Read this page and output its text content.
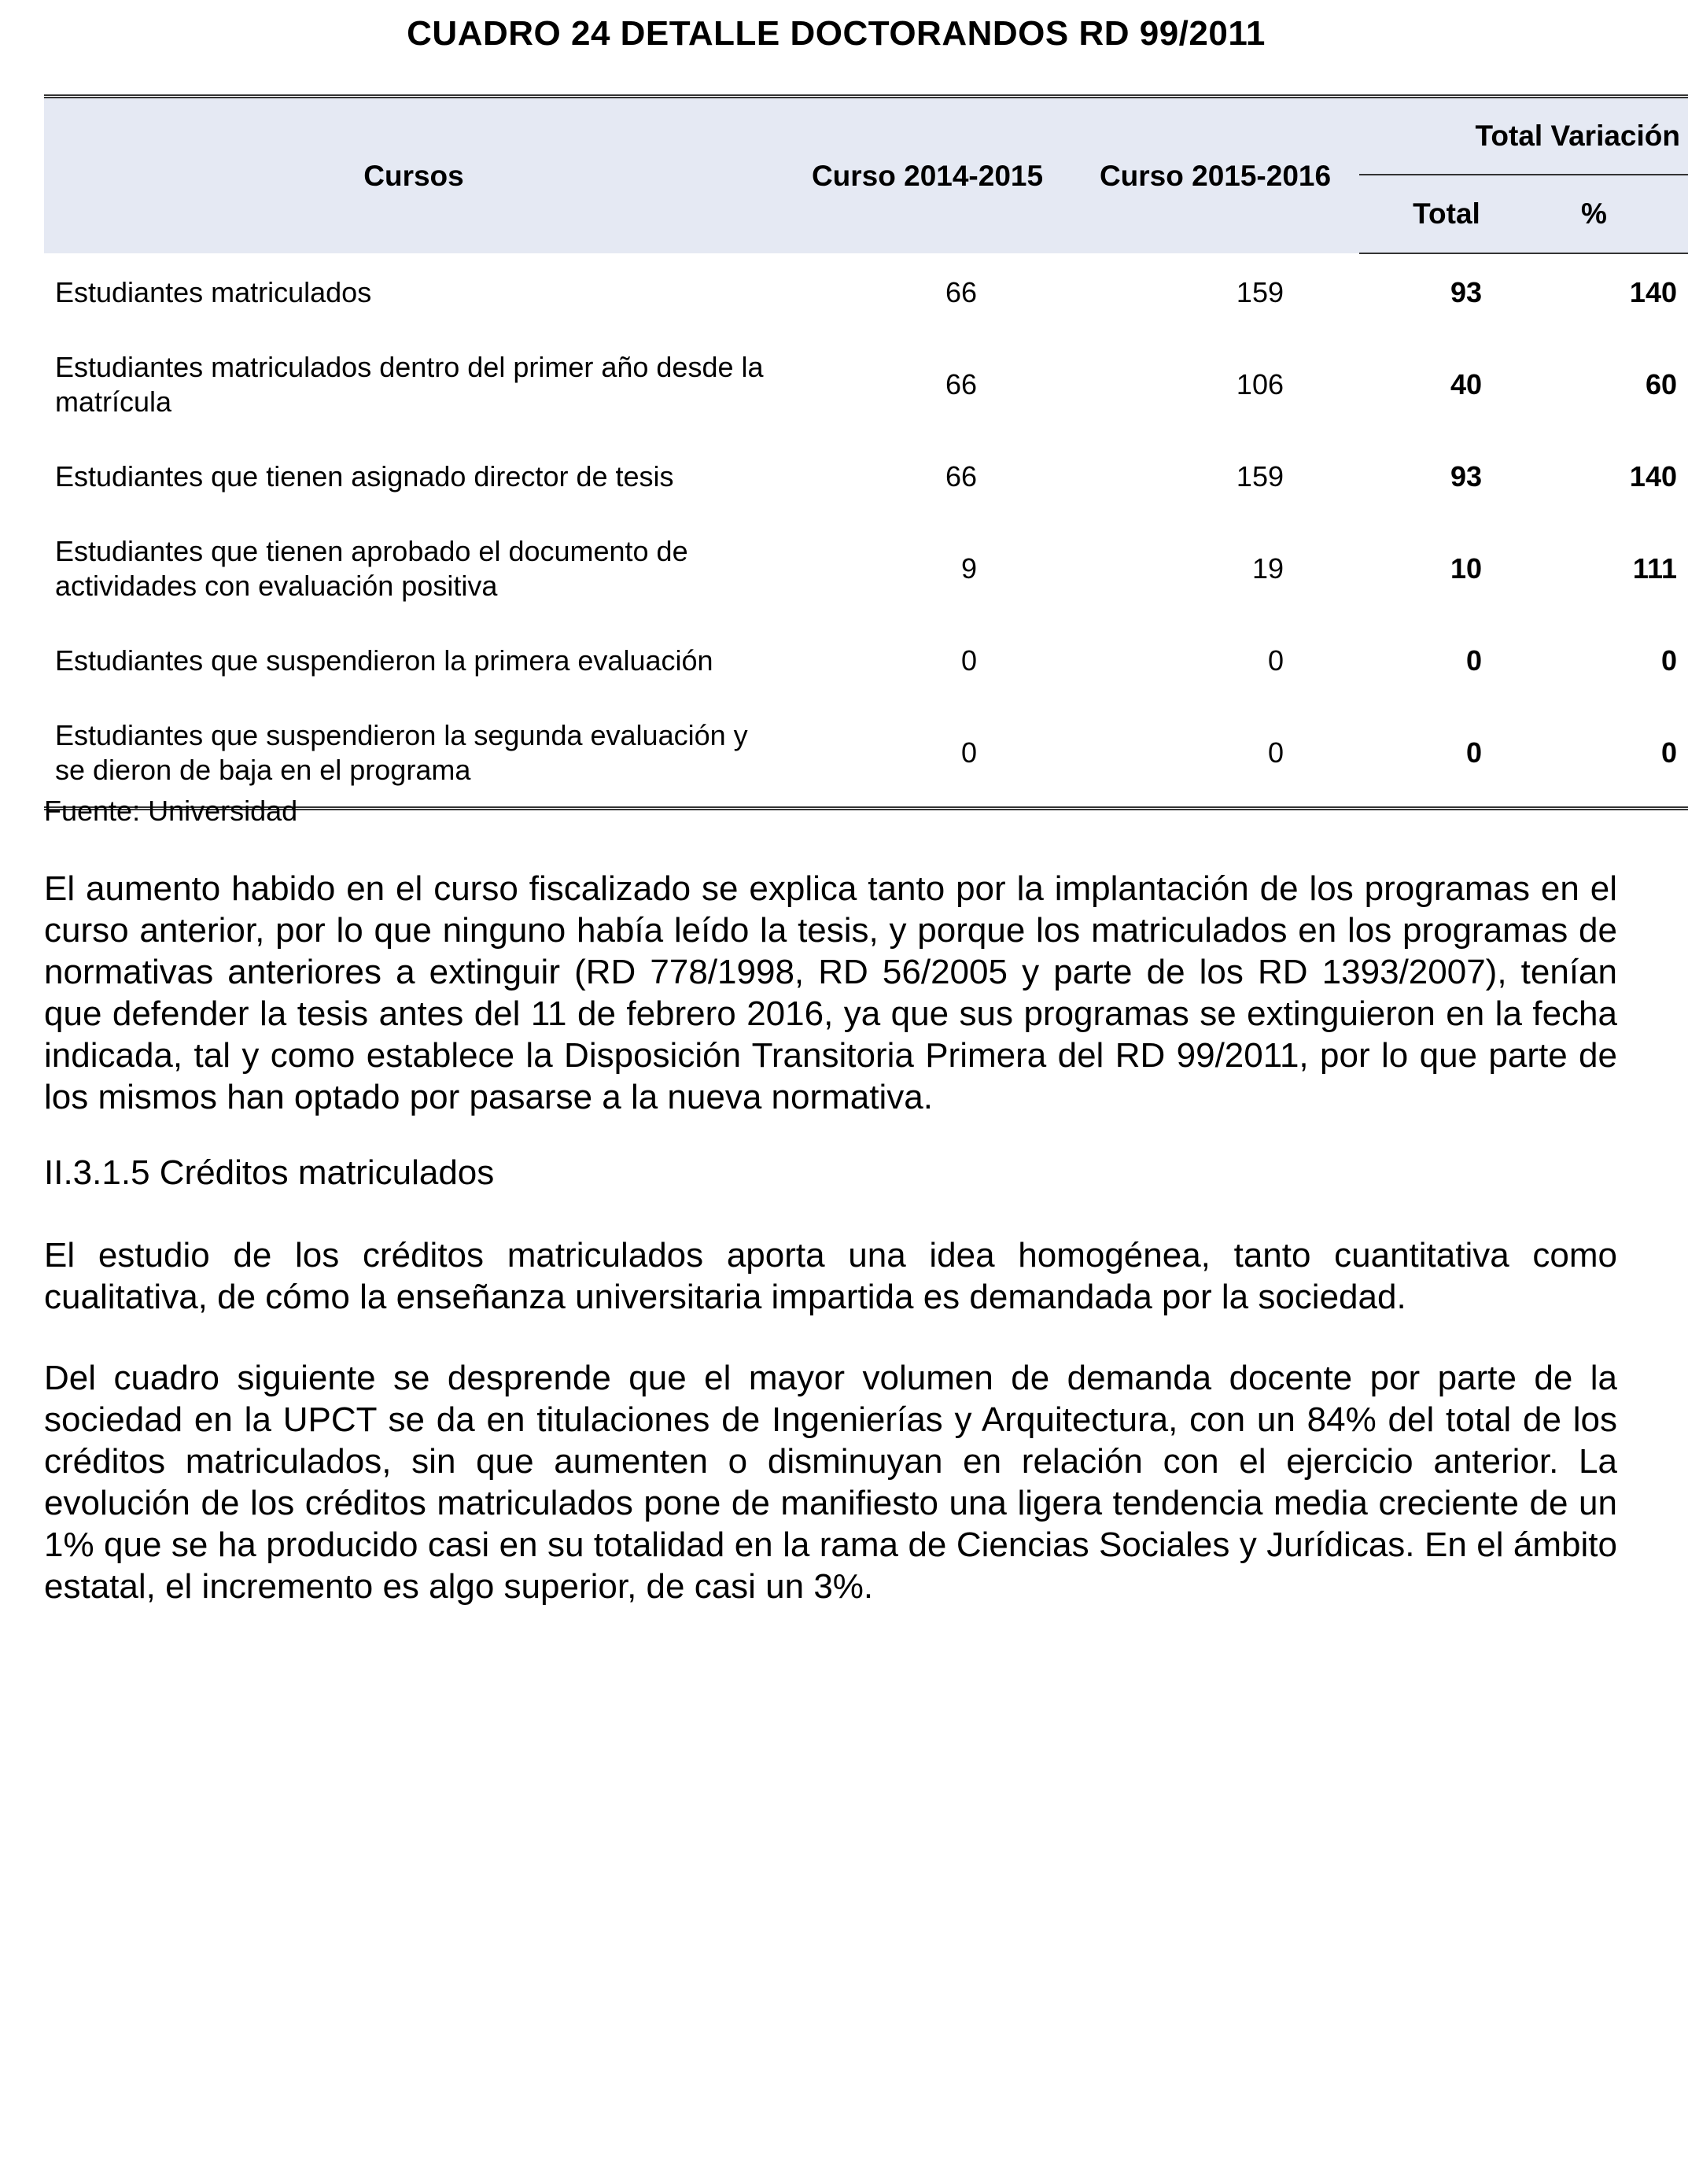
CUADRO 24 DETALLE DOCTORANDOS RD 99/2011

Cursos	Curso 2014-2015	Curso 2015-2016	Total Variación	
			Total	%
Estudiantes matriculados	66	159	93	140
Estudiantes matriculados dentro del primer año desde la matrícula	66	106	40	60
Estudiantes que tienen asignado director de tesis	66	159	93	140
Estudiantes que tienen aprobado el documento de actividades con evaluación positiva	9	19	10	111
Estudiantes que suspendieron la primera evaluación	0	0	0	0
Estudiantes que suspendieron la segunda evaluación y se dieron de baja en el programa	0	0	0	0
Fuente: Universidad

El aumento habido en el curso fiscalizado se explica tanto por la implantación de los programas en el curso anterior, por lo que ninguno había leído la tesis, y porque los matriculados en los programas de normativas anteriores a extinguir (RD 778/1998, RD 56/2005 y parte de los RD 1393/2007), tenían que defender la tesis antes del 11 de febrero 2016, ya que sus programas se extinguieron en la fecha indicada, tal y como establece la Disposición Transitoria Primera del RD 99/2011, por lo que parte de los mismos han optado por pasarse a la nueva normativa.

II.3.1.5 Créditos matriculados

El estudio de los créditos matriculados aporta una idea homogénea, tanto cuantitativa como cualitativa, de cómo la enseñanza universitaria impartida es demandada por la sociedad.

Del cuadro siguiente se desprende que el mayor volumen de demanda docente por parte de la sociedad en la UPCT se da en titulaciones de Ingenierías y Arquitectura, con un 84% del total de los créditos matriculados, sin que aumenten o disminuyan en relación con el ejercicio anterior. La evolución de los créditos matriculados pone de manifiesto una ligera tendencia media creciente de un 1% que se ha producido casi en su totalidad en la rama de Ciencias Sociales y Jurídicas. En el ámbito estatal, el incremento es algo superior, de casi un 3%.
